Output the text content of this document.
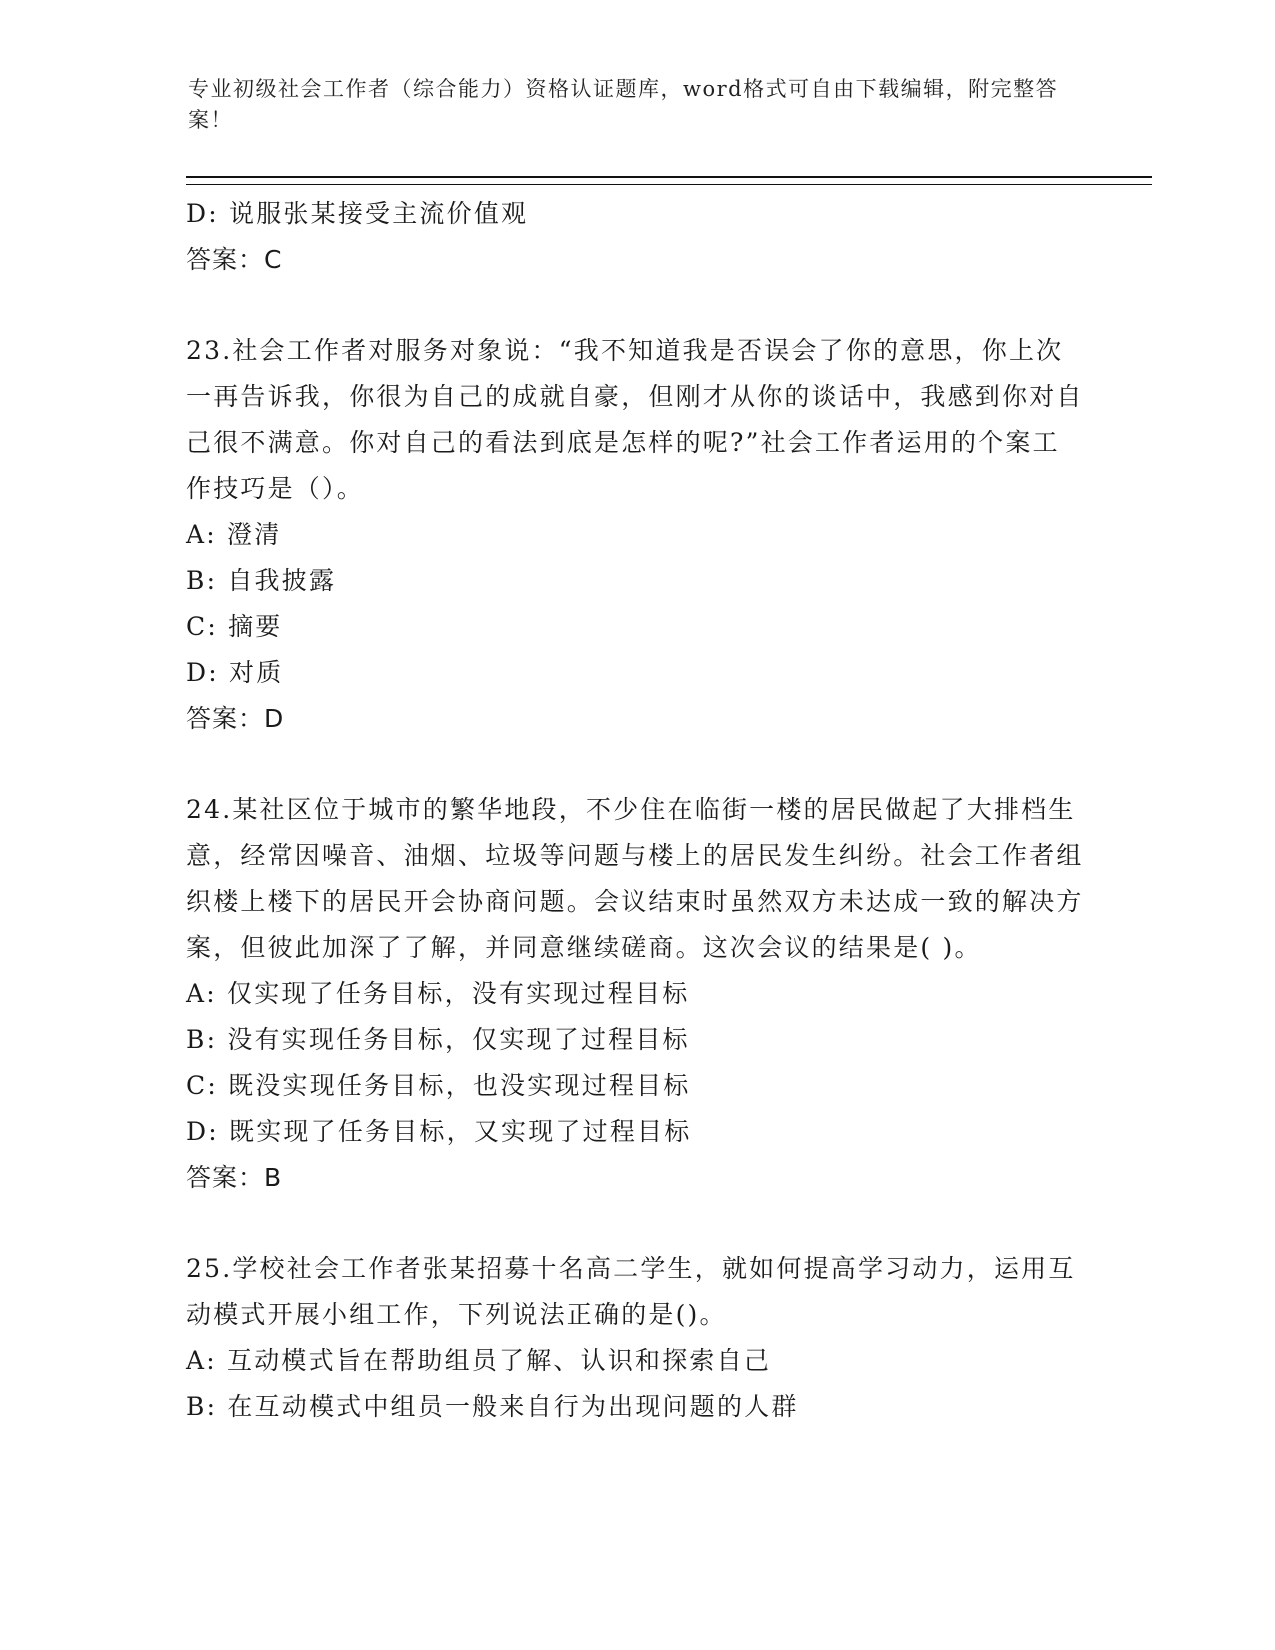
专业初级社会工作者（综合能力）资格认证题库，word格式可自由下载编辑，附完整答案！

D: 说服张某接受主流价值观

答案：C

23.社会工作者对服务对象说：“我不知道我是否误会了你的意思，你上次一再告诉我，你很为自己的成就自豪，但刚才从你的谈话中，我感到你对自己很不满意。你对自己的看法到底是怎样的呢?”社会工作者运用的个案工作技巧是（）。

A: 澄清

B: 自我披露

C: 摘要

D: 对质

答案：D

24.某社区位于城市的繁华地段，不少住在临街一楼的居民做起了大排档生意，经常因噪音、油烟、垃圾等问题与楼上的居民发生纠纷。社会工作者组织楼上楼下的居民开会协商问题。会议结束时虽然双方未达成一致的解决方案，但彼此加深了了解，并同意继续磋商。这次会议的结果是( )。

A: 仅实现了任务目标，没有实现过程目标

B: 没有实现任务目标，仅实现了过程目标

C: 既没实现任务目标，也没实现过程目标

D: 既实现了任务目标，又实现了过程目标

答案：B

25.学校社会工作者张某招募十名高二学生，就如何提高学习动力，运用互动模式开展小组工作，下列说法正确的是()。

A: 互动模式旨在帮助组员了解、认识和探索自己

B: 在互动模式中组员一般来自行为出现问题的人群
